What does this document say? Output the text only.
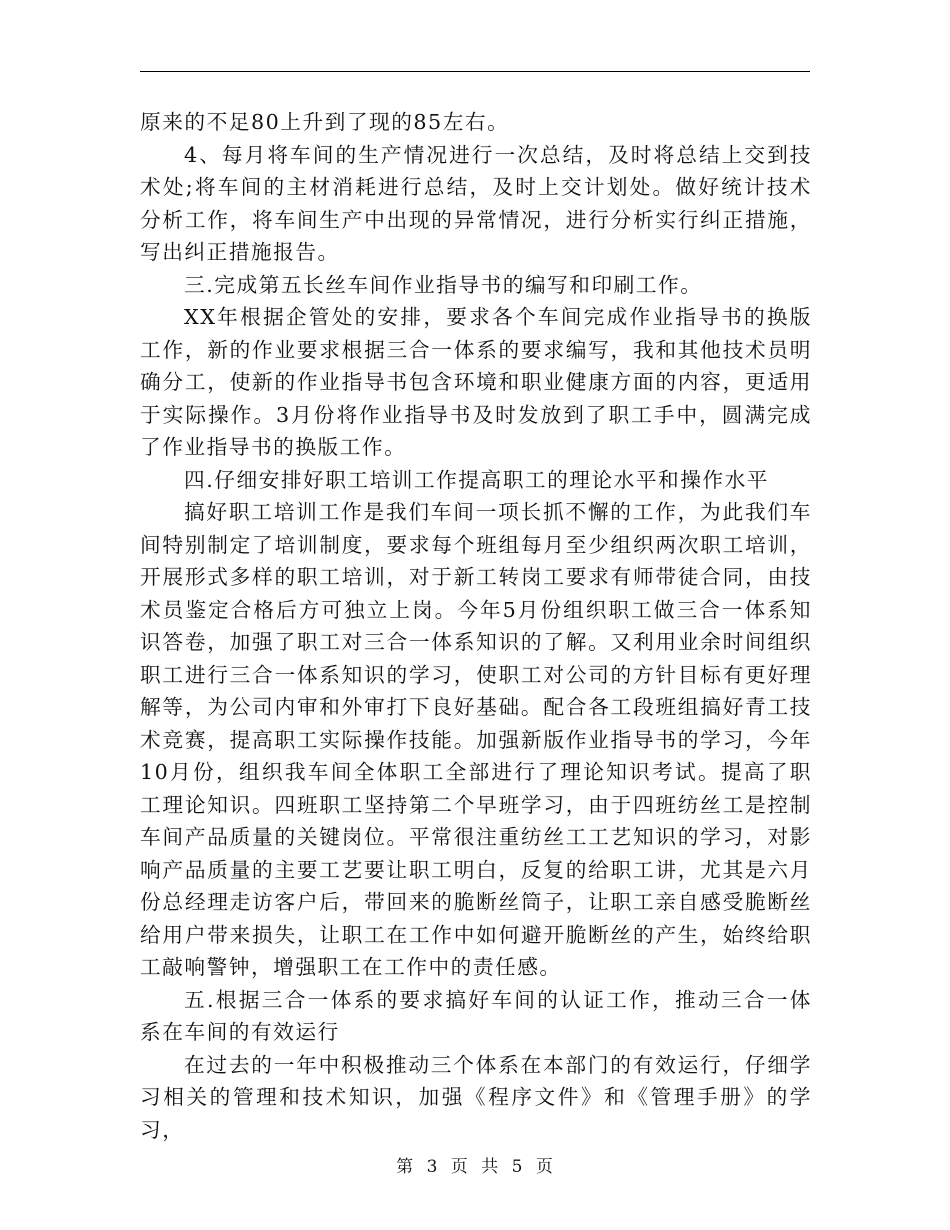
原来的不足80上升到了现的85左右。

4、每月将车间的生产情况进行一次总结，及时将总结上交到技术处;将车间的主材消耗进行总结，及时上交计划处。做好统计技术分析工作，将车间生产中出现的异常情况，进行分析实行纠正措施，写出纠正措施报告。

三.完成第五长丝车间作业指导书的编写和印刷工作。

XX年根据企管处的安排，要求各个车间完成作业指导书的换版工作，新的作业要求根据三合一体系的要求编写，我和其他技术员明确分工，使新的作业指导书包含环境和职业健康方面的内容，更适用于实际操作。3月份将作业指导书及时发放到了职工手中，圆满完成了作业指导书的换版工作。

四.仔细安排好职工培训工作提高职工的理论水平和操作水平

搞好职工培训工作是我们车间一项长抓不懈的工作，为此我们车间特别制定了培训制度，要求每个班组每月至少组织两次职工培训，开展形式多样的职工培训，对于新工转岗工要求有师带徒合同，由技术员鉴定合格后方可独立上岗。今年5月份组织职工做三合一体系知识答卷，加强了职工对三合一体系知识的了解。又利用业余时间组织职工进行三合一体系知识的学习，使职工对公司的方针目标有更好理解等，为公司内审和外审打下良好基础。配合各工段班组搞好青工技术竞赛，提高职工实际操作技能。加强新版作业指导书的学习，今年10月份，组织我车间全体职工全部进行了理论知识考试。提高了职工理论知识。四班职工坚持第二个早班学习，由于四班纺丝工是控制车间产品质量的关键岗位。平常很注重纺丝工工艺知识的学习，对影响产品质量的主要工艺要让职工明白，反复的给职工讲，尤其是六月份总经理走访客户后，带回来的脆断丝筒子，让职工亲自感受脆断丝给用户带来损失，让职工在工作中如何避开脆断丝的产生，始终给职工敲响警钟，增强职工在工作中的责任感。

五.根据三合一体系的要求搞好车间的认证工作，推动三合一体系在车间的有效运行

在过去的一年中积极推动三个体系在本部门的有效运行，仔细学习相关的管理和技术知识，加强《程序文件》和《管理手册》的学习，

第 3 页 共 5 页
